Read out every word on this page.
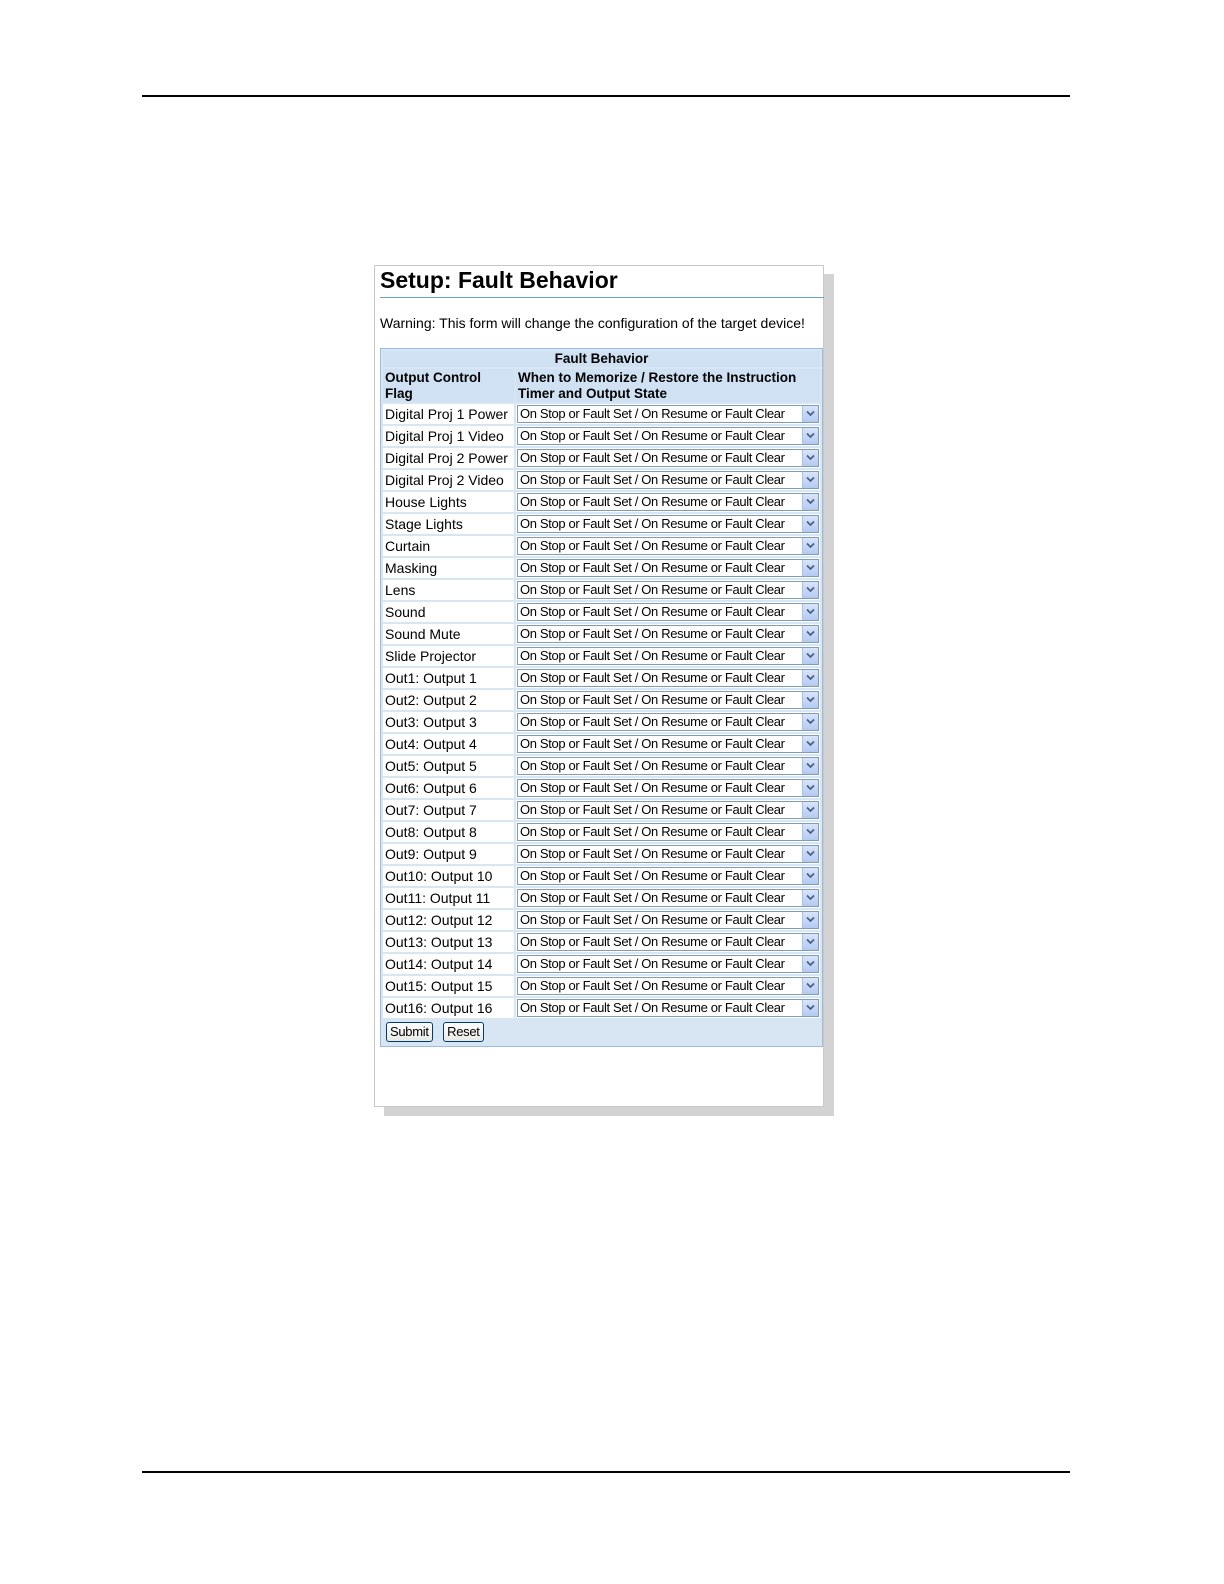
Setup: Fault Behavior
Warning: This form will change the configuration of the target device!
Fault Behavior	
Output Control Flag	When to Memorize / Restore the Instruction Timer and Output State
Digital Proj 1 Power	On Stop or Fault Set / On Resume or Fault Clear

Digital Proj 1 Video	On Stop or Fault Set / On Resume or Fault Clear

Digital Proj 2 Power	On Stop or Fault Set / On Resume or Fault Clear

Digital Proj 2 Video	On Stop or Fault Set / On Resume or Fault Clear

House Lights	On Stop or Fault Set / On Resume or Fault Clear

Stage Lights	On Stop or Fault Set / On Resume or Fault Clear

Curtain	On Stop or Fault Set / On Resume or Fault Clear

Masking	On Stop or Fault Set / On Resume or Fault Clear

Lens	On Stop or Fault Set / On Resume or Fault Clear

Sound	On Stop or Fault Set / On Resume or Fault Clear

Sound Mute	On Stop or Fault Set / On Resume or Fault Clear

Slide Projector	On Stop or Fault Set / On Resume or Fault Clear

Out1: Output 1	On Stop or Fault Set / On Resume or Fault Clear

Out2: Output 2	On Stop or Fault Set / On Resume or Fault Clear

Out3: Output 3	On Stop or Fault Set / On Resume or Fault Clear

Out4: Output 4	On Stop or Fault Set / On Resume or Fault Clear

Out5: Output 5	On Stop or Fault Set / On Resume or Fault Clear

Out6: Output 6	On Stop or Fault Set / On Resume or Fault Clear

Out7: Output 7	On Stop or Fault Set / On Resume or Fault Clear

Out8: Output 8	On Stop or Fault Set / On Resume or Fault Clear

Out9: Output 9	On Stop or Fault Set / On Resume or Fault Clear

Out10: Output 10	On Stop or Fault Set / On Resume or Fault Clear

Out11: Output 11	On Stop or Fault Set / On Resume or Fault Clear

Out12: Output 12	On Stop or Fault Set / On Resume or Fault Clear

Out13: Output 13	On Stop or Fault Set / On Resume or Fault Clear

Out14: Output 14	On Stop or Fault Set / On Resume or Fault Clear

Out15: Output 15	On Stop or Fault Set / On Resume or Fault Clear

Out16: Output 16	On Stop or Fault Set / On Resume or Fault Clear

Submit Reset	
